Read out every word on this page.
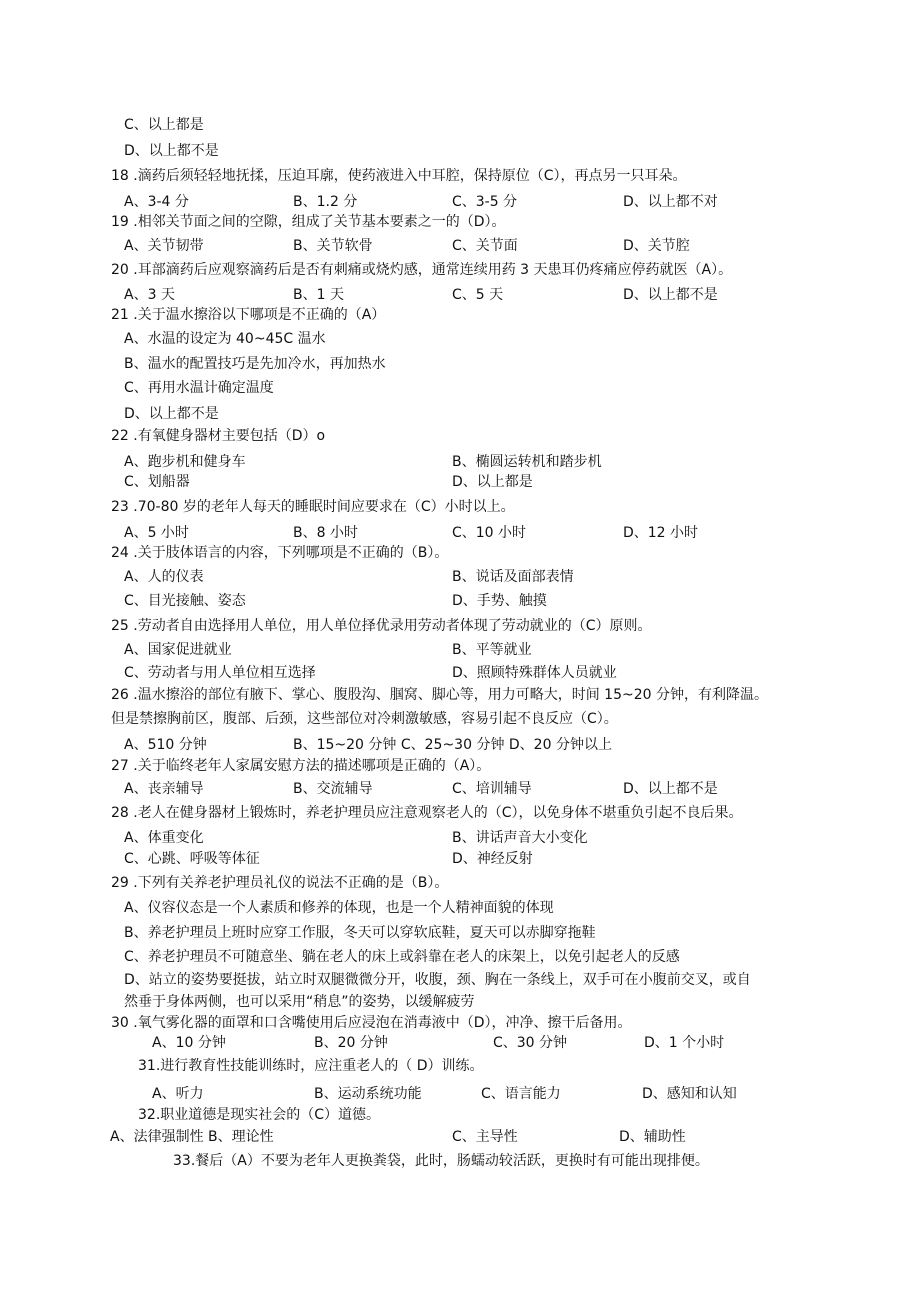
C、以上都是
D、以上都不是
18 .滴药后须轻轻地抚揉，压迫耳廓，使药液进入中耳腔，保持原位（C），再点另一只耳朵。
A、3-4 分	B、1.2 分	C、3-5 分	D、以上都不对
19 .相邻关节面之间的空隙，组成了关节基本要素之一的（D）。
A、关节韧带	B、关节软骨	C、关节面	D、关节腔
20 .耳部滴药后应观察滴药后是否有刺痛或烧灼感，通常连续用药 3 天患耳仍疼痛应停药就医（A）。
A、3 天	B、1 天	C、5 天	D、以上都不是
21 .关于温水擦浴以下哪项是不正确的（A）
A、水温的设定为 40~45C 温水
B、温水的配置技巧是先加冷水，再加热水
C、再用水温计确定温度
D、以上都不是
22 .有氧健身器材主要包括（D）o
A、跑步机和健身车	B、椭圆运转机和踏步机
C、划船器	D、以上都是
23 .70-80 岁的老年人每天的睡眠时间应要求在（C）小时以上。
A、5 小时	B、8 小时	C、10 小时	D、12 小时
24 .关于肢体语言的内容，下列哪项是不正确的（B）。
A、人的仪表	B、说话及面部表情
C、目光接触、姿态	D、手势、触摸
25 .劳动者自由选择用人单位，用人单位择优录用劳动者体现了劳动就业的（C）原则。
A、国家促进就业	B、平等就业
C、劳动者与用人单位相互选择	D、照顾特殊群体人员就业
26 .温水擦浴的部位有腋下、掌心、腹股沟、腘窝、脚心等，用力可略大，时间 15~20 分钟，有利降温。
但是禁擦胸前区，腹部、后颈，这些部位对冷刺激敏感，容易引起不良反应（C）。
A、510 分钟	B、15~20 分钟 C、25~30 分钟 D、20 分钟以上
27 .关于临终老年人家属安慰方法的描述哪项是正确的（A）。
A、丧亲辅导	B、交流辅导	C、培训辅导	D、以上都不是
28 .老人在健身器材上锻炼时，养老护理员应注意观察老人的（C），以免身体不堪重负引起不良后果。
A、体重变化	B、讲话声音大小变化
C、心跳、呼吸等体征	D、神经反射
29 .下列有关养老护理员礼仪的说法不正确的是（B）。
A、仪容仪态是一个人素质和修养的体现，也是一个人精神面貌的体现
B、养老护理员上班时应穿工作服，冬天可以穿软底鞋，夏天可以赤脚穿拖鞋
C、养老护理员不可随意坐、躺在老人的床上或斜靠在老人的床架上，以免引起老人的反感
D、站立的姿势要挺拔，站立时双腿微微分开，收腹，颈、胸在一条线上，双手可在小腹前交叉，或自
然垂于身体两侧，也可以采用“稍息”的姿势，以缓解疲劳
30 .氧气雾化器的面罩和口含嘴使用后应浸泡在消毒液中（D），冲净、擦干后备用。
A、10 分钟	B、20 分钟	C、30 分钟	D、1 个小时
31.进行教育性技能训练时，应注重老人的（ D）训练。
A、听力	B、运动系统功能	C、语言能力	D、感知和认知
32.职业道德是现实社会的（C）道德。
A、法律强制性 B、理论性	C、主导性	D、辅助性
33.餐后（A）不要为老年人更换粪袋，此时，肠蠕动较活跃，更换时有可能出现排便。
